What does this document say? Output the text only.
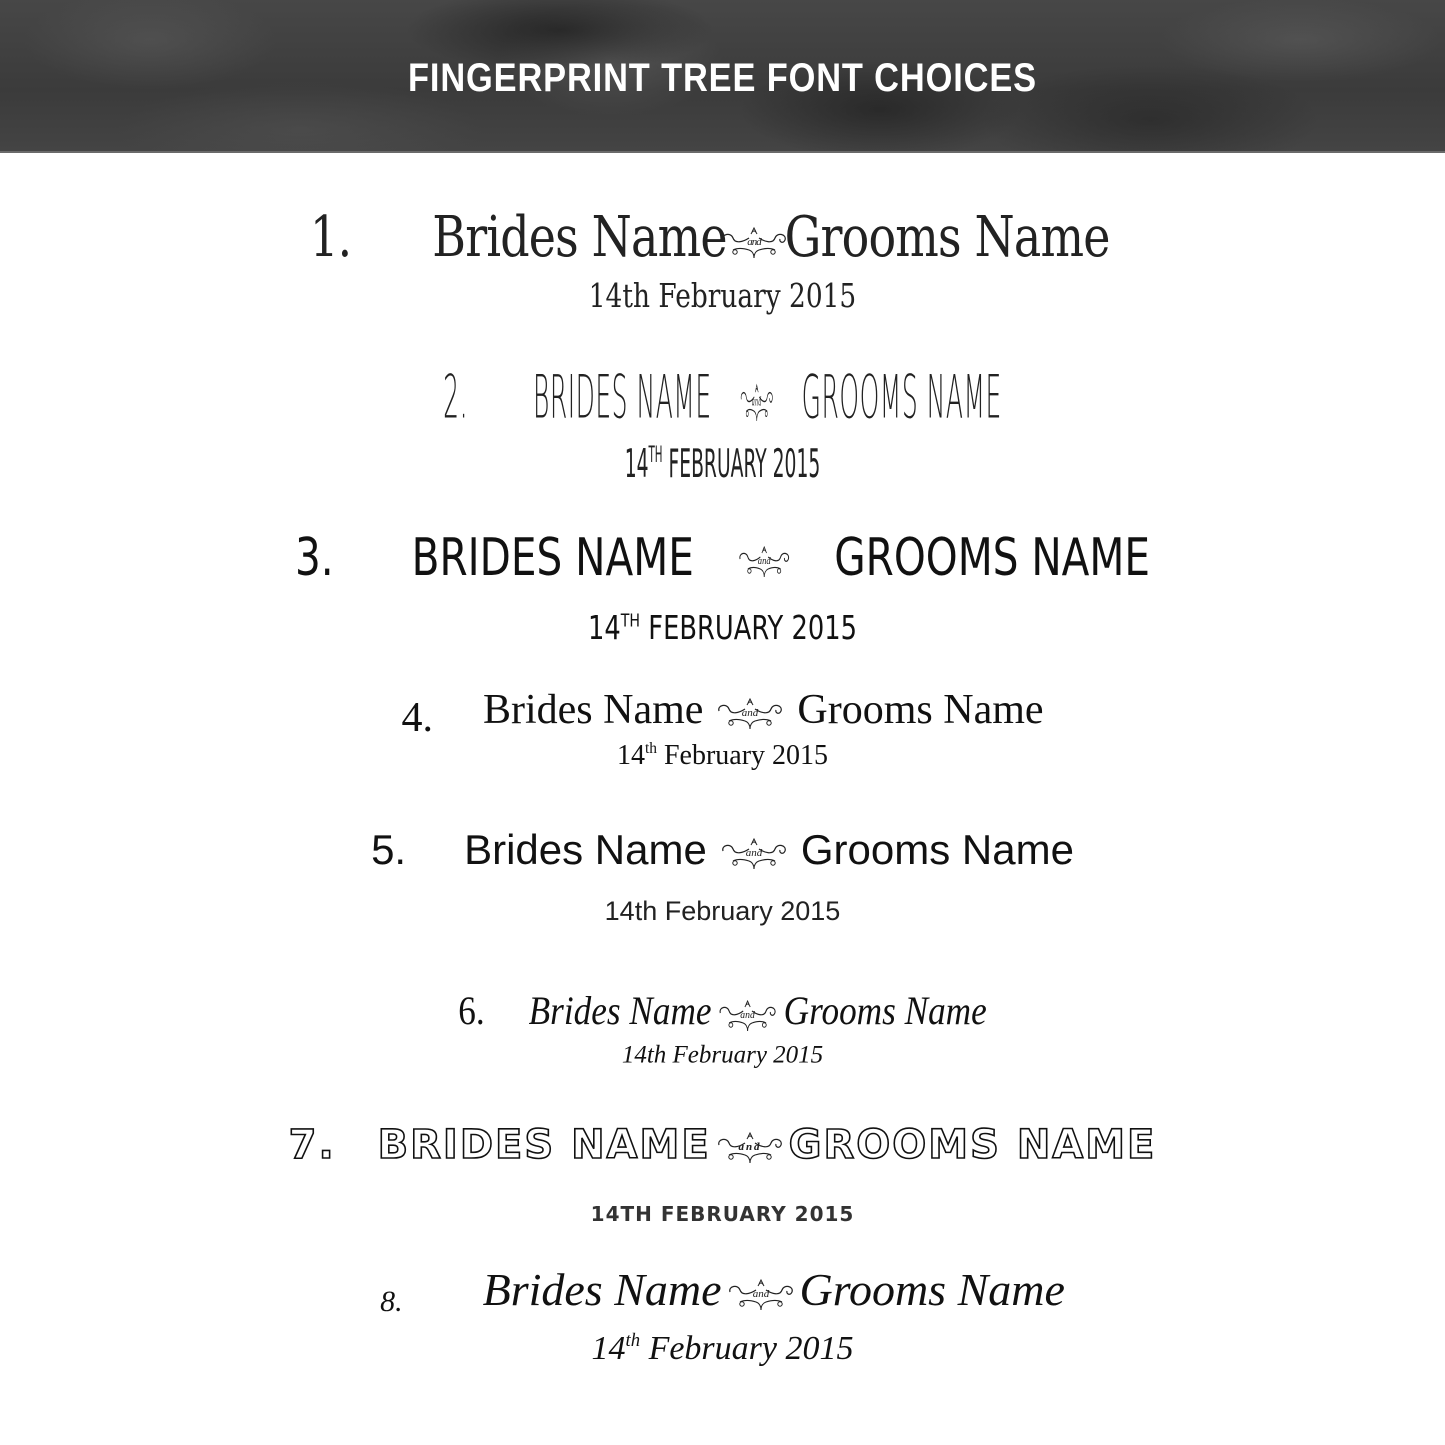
FINGERPRINT TREE FONT CHOICES
1.	Brides Name and Grooms Name
14th February 2015
2. BRIDES NAME	and GROOMS NAME
14TH FEBRUARY 2015
3. BRIDES NAME	and GROOMS NAME
14TH FEBRUARY 2015
4. Brides Name	and Grooms Name
14th February 2015
5. Brides Name	and Grooms Name
14th February 2015
6. Brides Name	and Grooms Name
14th February 2015
7. BRIDES NAME and GROOMS NAME
14TH FEBRUARY 2015
8. Brides Name	and Grooms Name
14th February 2015
